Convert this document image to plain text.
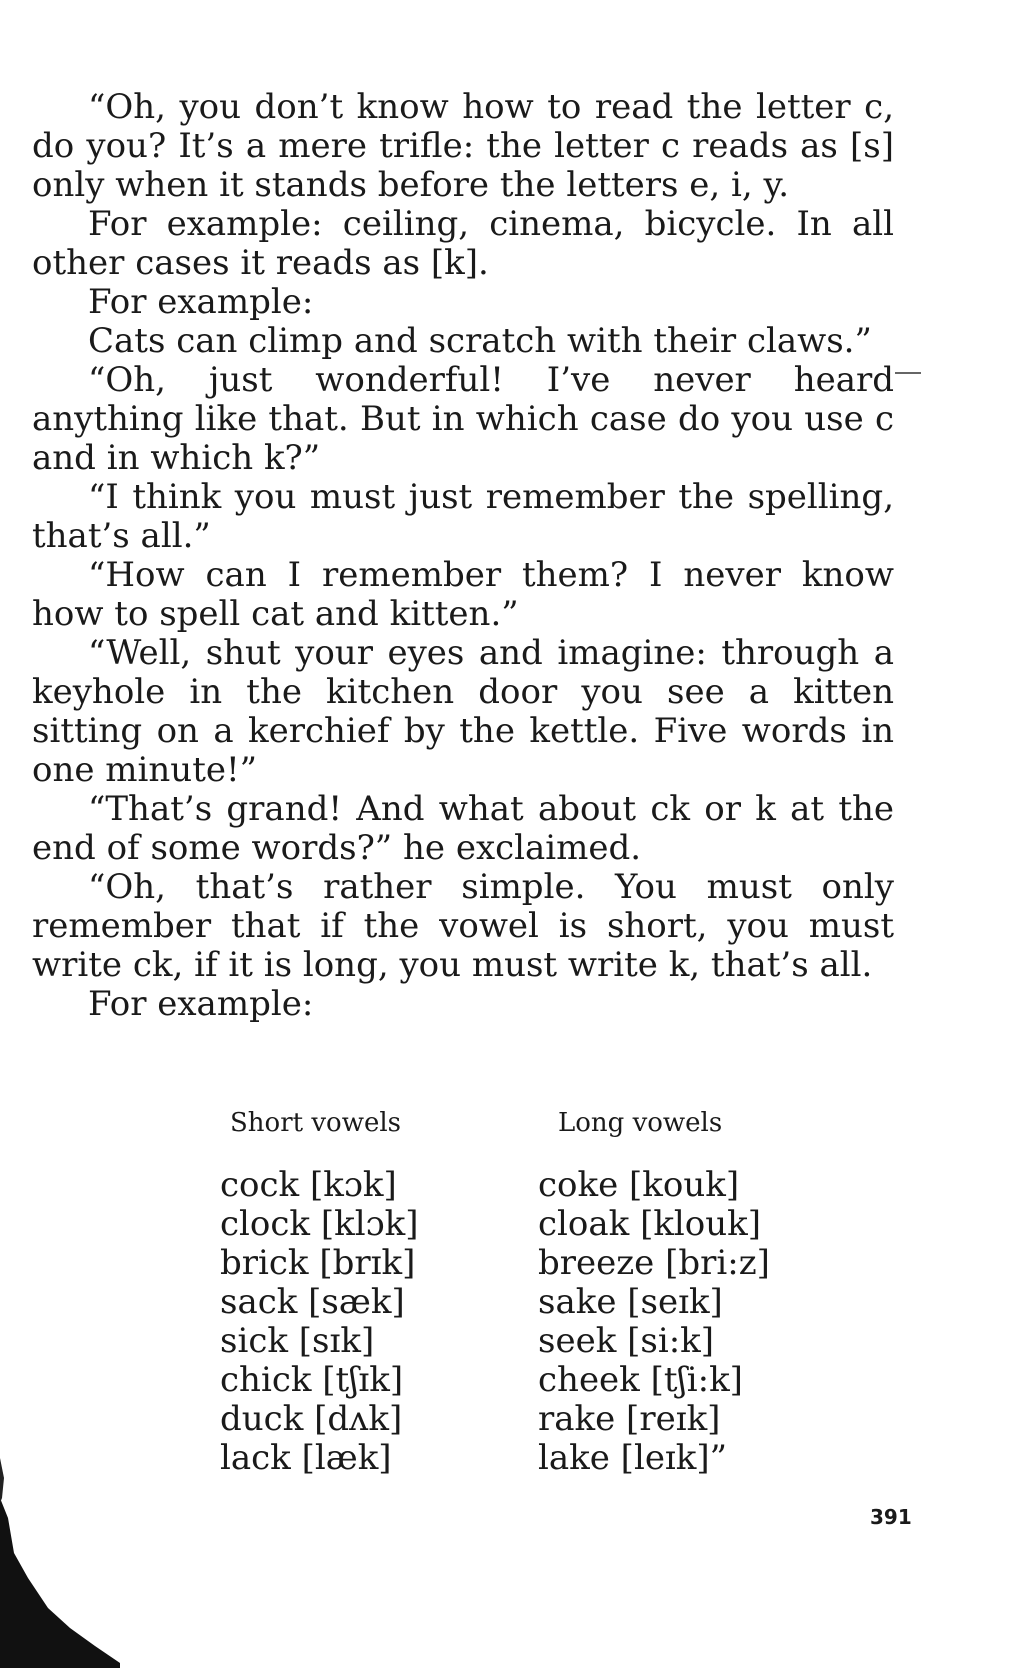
“Oh, you don’t know how to read the letter c, do you? It’s a mere trifle: the letter c reads as [s] only when it stands before the letters e, i, y.

For example: ceiling, cinema, bicycle. In all other cases it reads as [k].

For example:

Cats can climp and scratch with their claws.”

“Oh, just wonderful! I’ve never heard anything like that. But in which case do you use c and in which k?”

“I think you must just remember the spelling, that’s all.”

“How can I remember them? I never know how to spell cat and kitten.”

“Well, shut your eyes and imagine: through a keyhole in the kitchen door you see a kitten sitting on a kerchief by the kettle. Five words in one minute!”

“That’s grand! And what about ck or k at the end of some words?” he exclaimed.

“Oh, that’s rather simple. You must only remember that if the vowel is short, you must write ck, if it is long, you must write k, that’s all.

For example:

Short vowels
cock [kɔk]
clock [klɔk]
brick [brɪk]
sack [sæk]
sick [sɪk]
chick [tʃɪk]
duck [dʌk]
lack [læk]
Long vowels
coke [kouk]
cloak [klouk]
breeze [bri:z]
sake [seɪk]
seek [si:k]
cheek [tʃi:k]
rake [reɪk]
lake [leɪk]”
391
